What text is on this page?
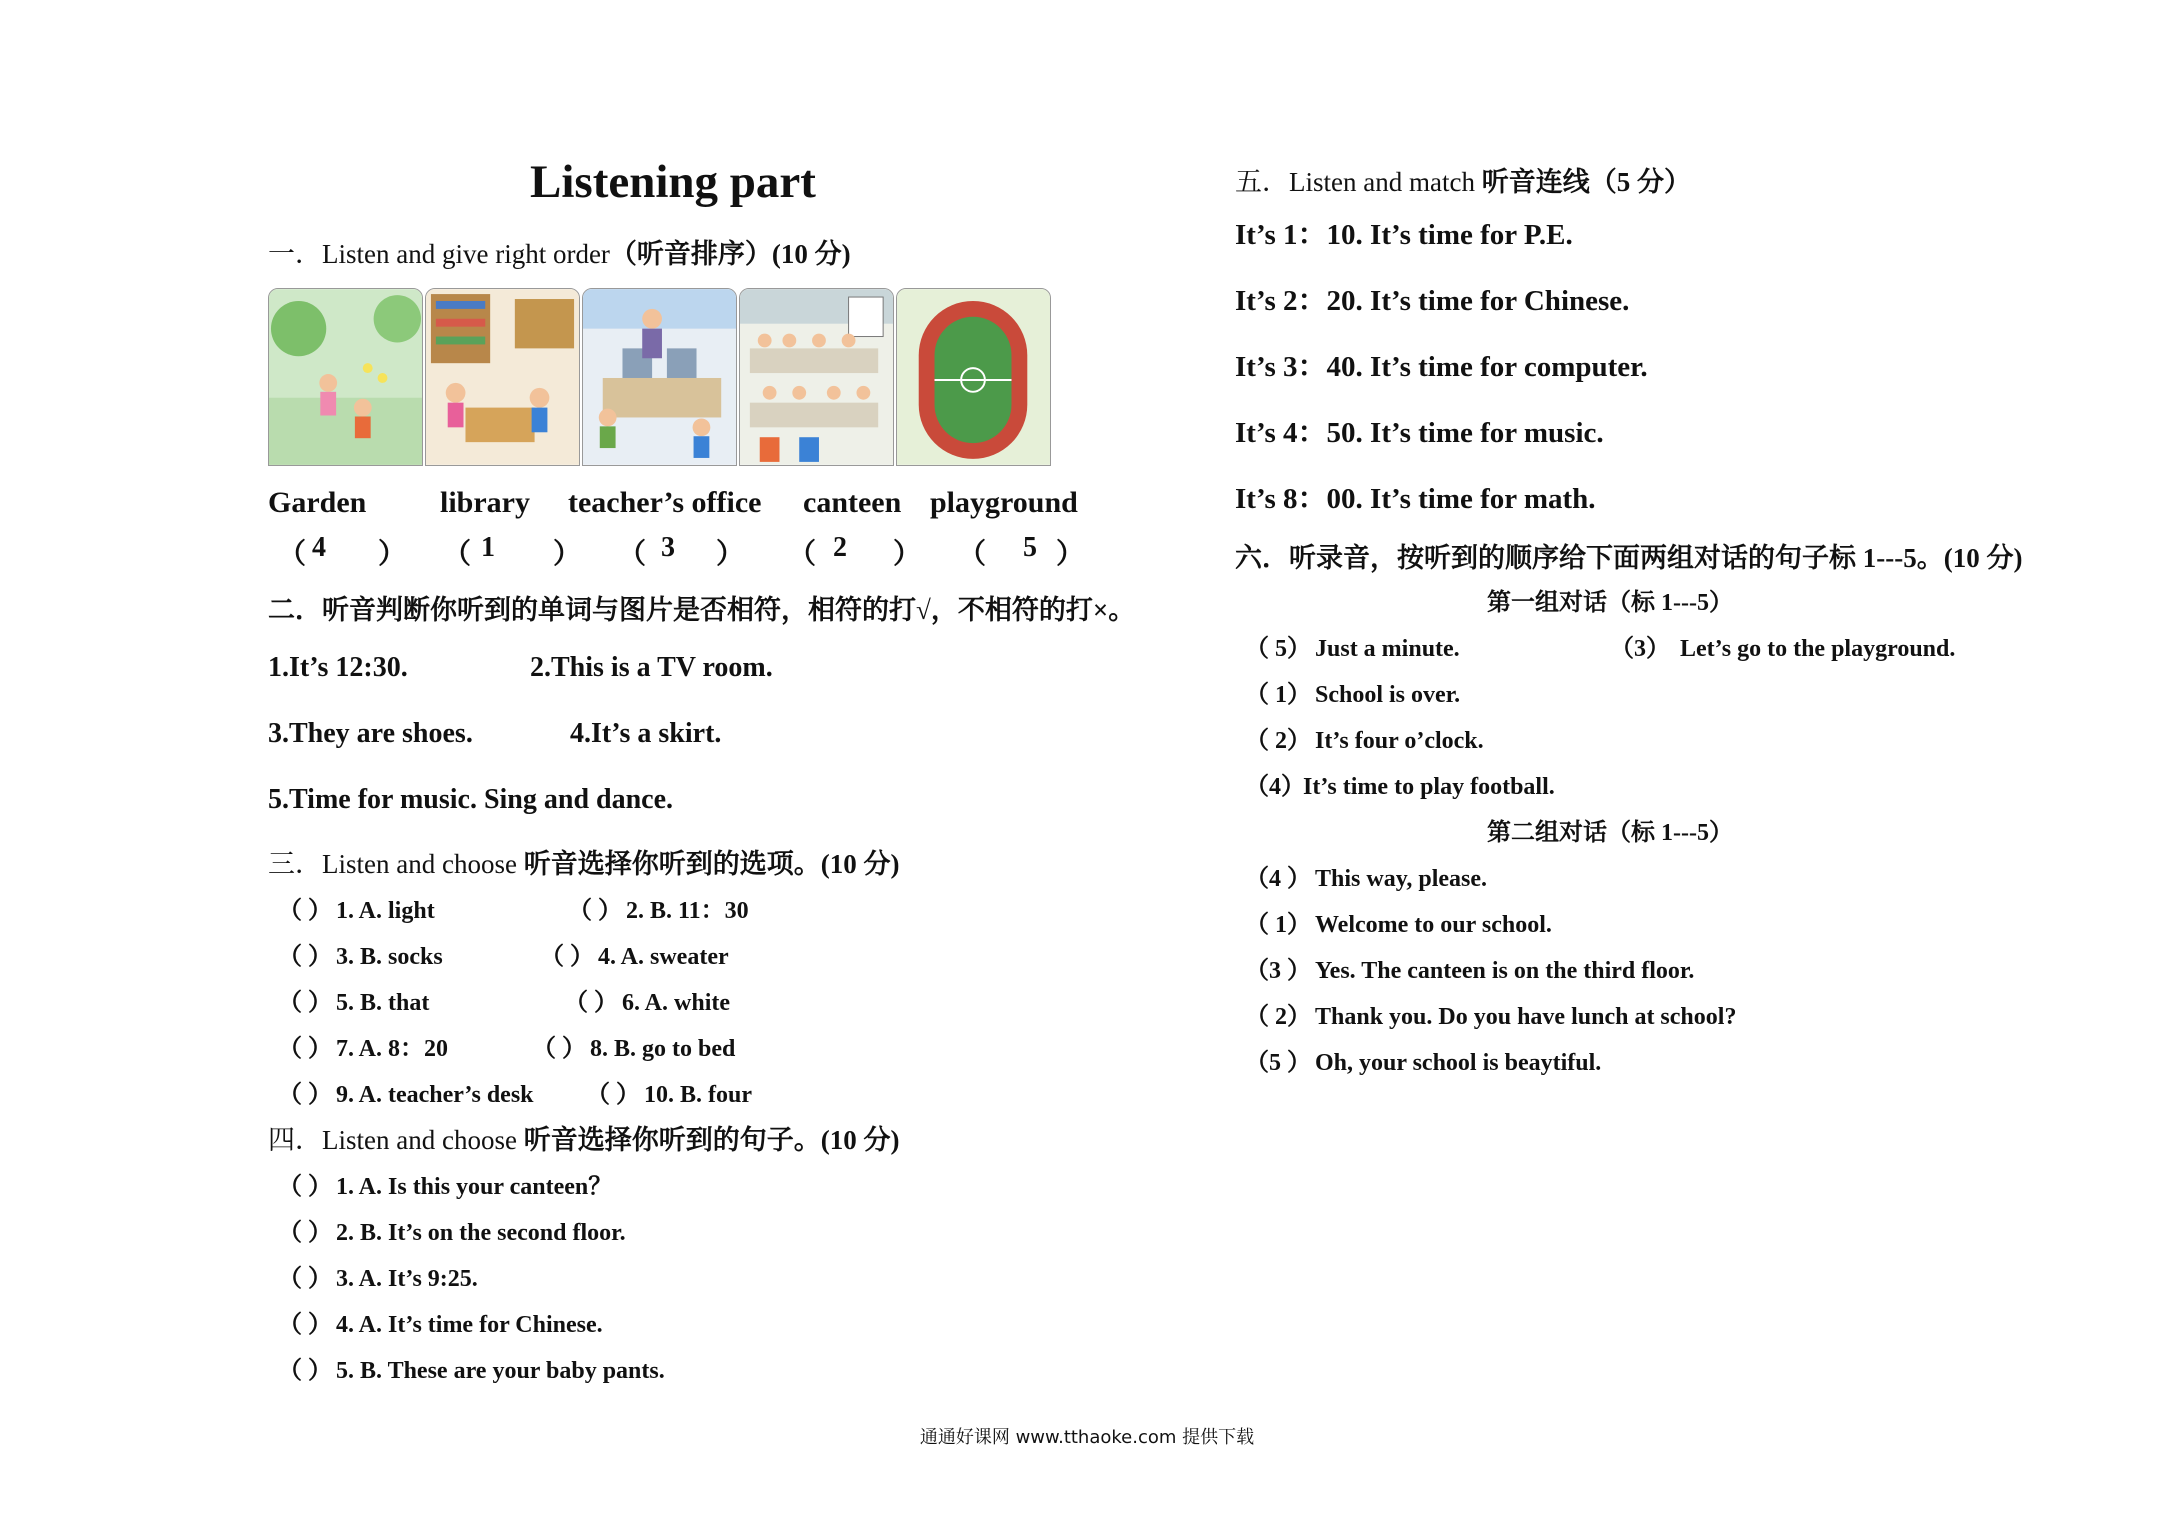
Listening part
一．Listen and give right order（听音排序）(10 分)
Garden library teacher’s office canteen playground
（ 4 ） （ 1 ） （ 3 ） （ 2 ） （ 5 ）
二．听音判断你听到的单词与图片是否相符，相符的打√，不相符的打×。
1.It’s 12:30.	2.This is a TV room.
3.They are shoes.	4.It’s a skirt.
5.Time for music. Sing and dance.
三．Listen and choose 听音选择你听到的选项。(10 分)
（ ） 1. A. light	（ ） 2. B. 11：30
（ ） 3. B. socks	（ ） 4. A. sweater
（ ） 5. B. that	（ ） 6. A. white
（ ） 7. A. 8：20	（ ） 8. B. go to bed
（ ） 9. A. teacher’s desk （ ） 10. B. four
四．Listen and choose 听音选择你听到的句子。(10 分)
（ ） 1. A. Is this your canteen？
（ ） 2. B. It’s on the second floor.
（ ） 3. A. It’s 9:25.
（ ） 4. A. It’s time for Chinese.
（ ） 5. B. These are your baby pants.
五．Listen and match 听音连线（5 分）
It’s 1：10. It’s time for P.E.
It’s 2：20. It’s time for Chinese.
It’s 3：40. It’s time for computer.
It’s 4：50. It’s time for music.
It’s 8：00. It’s time for math.
六．听录音，按听到的顺序给下面两组对话的句子标 1---5。(10 分)
第一组对话（标 1---5）
（ 5） Just a minute.	（3） Let’s go to the playground.
（ 1） School is over.
（ 2） It’s four o’clock.
（4）It’s time to play football.
第二组对话（标 1---5）
（4 ） This way, please.
（ 1） Welcome to our school.
（3 ） Yes. The canteen is on the third floor.
（ 2） Thank you. Do you have lunch at school?
（5 ） Oh, your school is beaytiful.
通通好课网 www.tthaoke.com 提供下载
